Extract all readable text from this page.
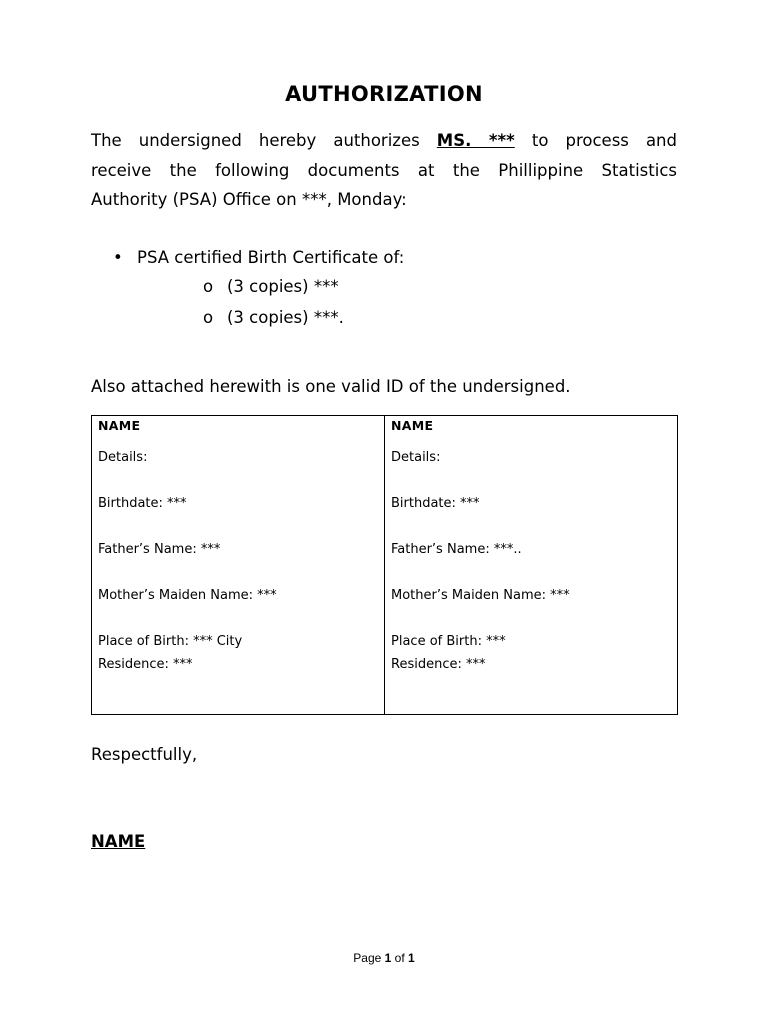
AUTHORIZATION
The undersigned hereby authorizes MS. *** to process and
receive the following documents at the Phillippine Statistics
Authority (PSA) Office on ***, Monday:
• PSA certified Birth Certificate of:
o (3 copies) ***
o (3 copies) ***.
Also attached herewith is one valid ID of the undersigned.
NAME
Details:
Birthdate: ***
Father’s Name: ***
Mother’s Maiden Name: ***
Place of Birth: *** City
Residence: ***

NAME
Details:
Birthdate: ***
Father’s Name: ***..
Mother’s Maiden Name: ***
Place of Birth: ***
Residence: ***
Respectfully,
NAME
Page 1 of 1
